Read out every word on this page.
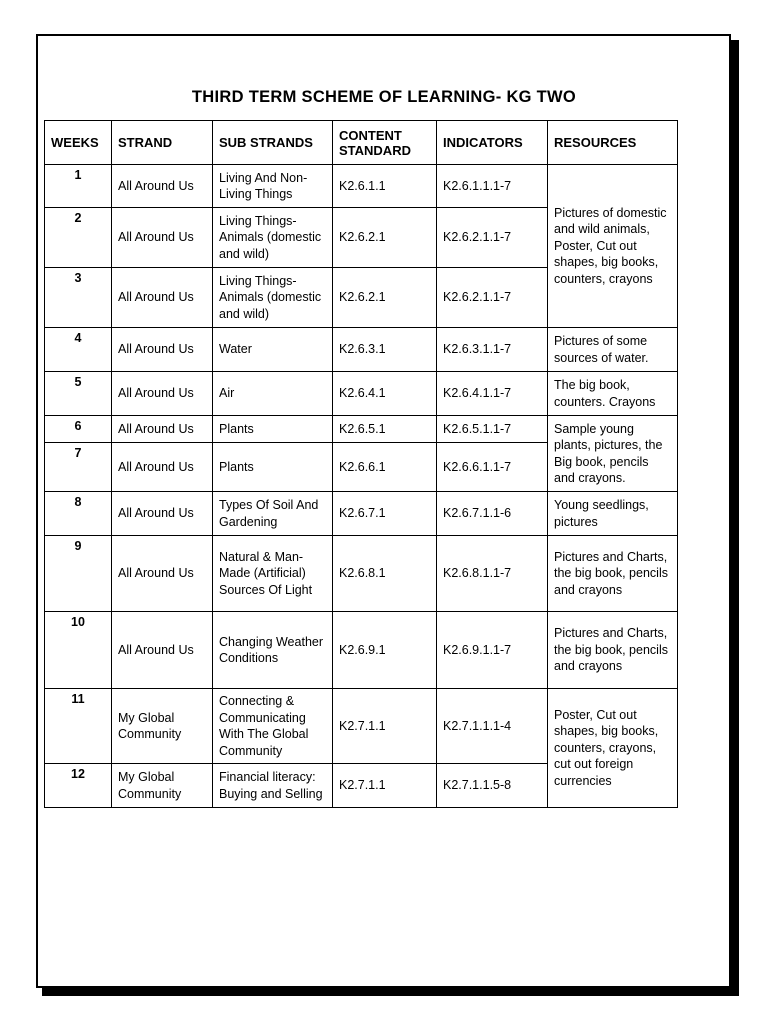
THIRD TERM SCHEME OF LEARNING- KG TWO
WEEKS	STRAND	SUB STRANDS	CONTENT STANDARD	INDICATORS	RESOURCES
1	All Around Us	Living And Non-Living Things	K2.6.1.1	K2.6.1.1.1-7	Pictures of domestic and wild animals, Poster, Cut out shapes, big books, counters, crayons
2	All Around Us	Living Things- Animals (domestic and wild)	K2.6.2.1	K2.6.2.1.1-7	
3	All Around Us	Living Things- Animals (domestic and wild)	K2.6.2.1	K2.6.2.1.1-7	
4	All Around Us	Water	K2.6.3.1	K2.6.3.1.1-7	Pictures of some sources of water.
5	All Around Us	Air	K2.6.4.1	K2.6.4.1.1-7	The big book, counters. Crayons
6	All Around Us	Plants	K2.6.5.1	K2.6.5.1.1-7	Sample young plants, pictures, the Big book, pencils and crayons.
7	All Around Us	Plants	K2.6.6.1	K2.6.6.1.1-7	
8	All Around Us	Types Of Soil And Gardening	K2.6.7.1	K2.6.7.1.1-6	Young seedlings, pictures
9	All Around Us	Natural & Man-Made (Artificial) Sources Of Light	K2.6.8.1	K2.6.8.1.1-7	Pictures and Charts, the big book, pencils and crayons
10	All Around Us	Changing Weather Conditions	K2.6.9.1	K2.6.9.1.1-7	Pictures and Charts, the big book, pencils and crayons
11	My Global Community	Connecting & Communicating With The Global Community	K2.7.1.1	K2.7.1.1.1-4	Poster, Cut out shapes, big books, counters, crayons, cut out foreign currencies
12	My Global Community	Financial literacy: Buying and Selling	K2.7.1.1	K2.7.1.1.5-8	
